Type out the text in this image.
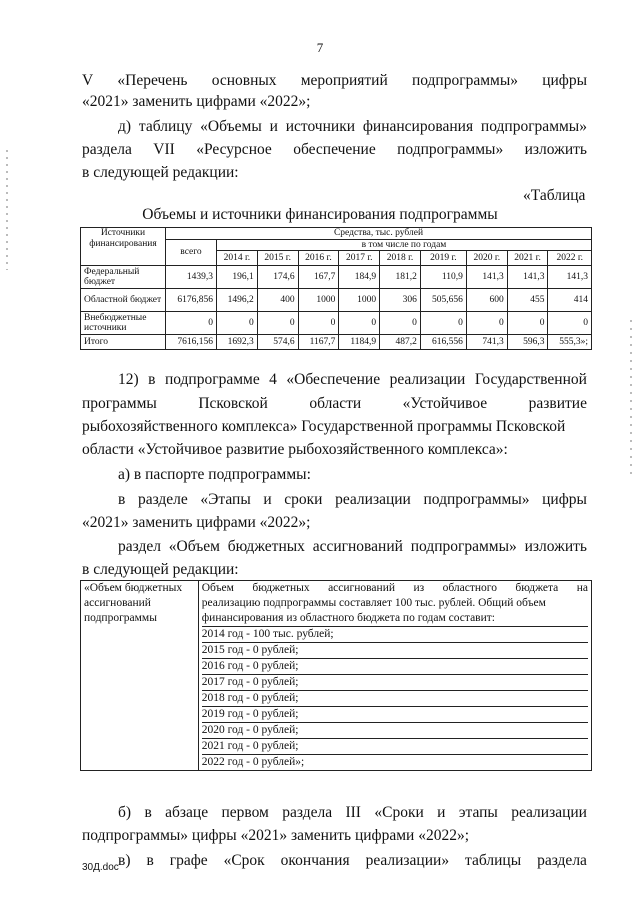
7
V «Перечень основных мероприятий подпрограммы» цифры
«2021» заменить цифрами «2022»;
д) таблицу «Объемы и источники финансирования подпрограммы»
раздела VII «Ресурсное обеспечение подпрограммы» изложить
в следующей редакции:
«Таблица
Объемы и источники финансирования подпрограммы
Источники финансирования	Средства, тыс. рублей									
	всего	в том числе по годам								
		2014 г.	2015 г.	2016 г.	2017 г.	2018 г.	2019 г.	2020 г.	2021 г.	2022 г.
Федеральный бюджет	1439,3	196,1	174,6	167,7	184,9	181,2	110,9	141,3	141,3	141,3
Областной бюджет	6176,856	1496,2	400	1000	1000	306	505,656	600	455	414
Внебюджетные источники	0	0	0	0	0	0	0	0	0	0
Итого	7616,156	1692,3	574,6	1167,7	1184,9	487,2	616,556	741,3	596,3	555,3»;
12) в подпрограмме 4 «Обеспечение реализации Государственной
программы	Псковской	области	«Устойчивое	развитие
рыбохозяйственного комплекса» Государственной программы Псковской
области «Устойчивое развитие рыбохозяйственного комплекса»:
а) в паспорте подпрограммы:
в разделе «Этапы и сроки реализации подпрограммы» цифры
«2021» заменить цифрами «2022»;
раздел «Объем бюджетных ассигнований подпрограммы» изложить
в следующей редакции:
«Объем бюджетных ассигнований подпрограммы	
Объем бюджетных ассигнований из областного бюджета на
реализацию подпрограммы составляет 100 тыс. рублей. Общий объем
финансирования из областного бюджета по годам составит:
2014 год - 100 тыс. рублей;
2015 год - 0 рублей;
2016 год - 0 рублей;
2017 год - 0 рублей;
2018 год - 0 рублей;
2019 год - 0 рублей;
2020 год - 0 рублей;
2021 год - 0 рублей;
2022 год - 0 рублей»;
б) в абзаце первом раздела III «Сроки и этапы реализации
подпрограммы» цифры «2021» заменить цифрами «2022»;
в) в графе «Срок окончания реализации» таблицы раздела
30Д.doc
